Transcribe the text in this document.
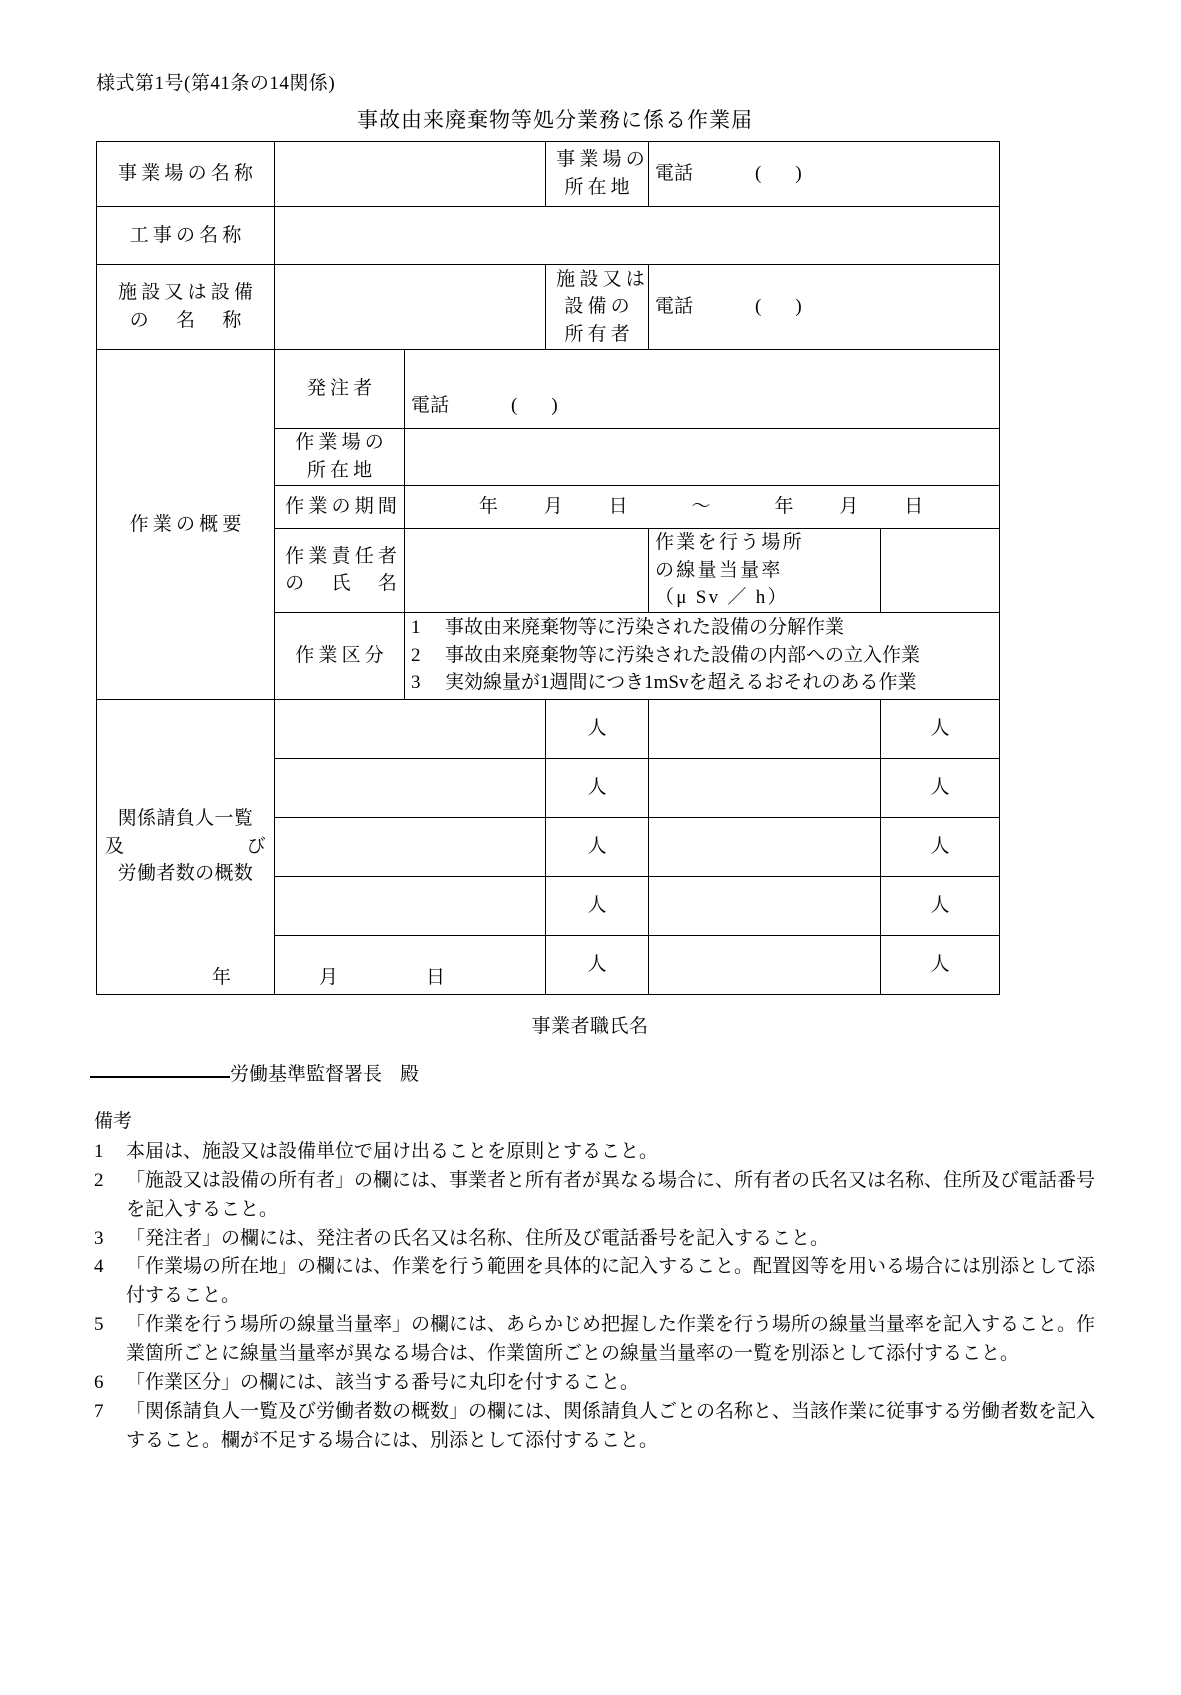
様式第1号(第41条の14関係)
事故由来廃棄物等処分業務に係る作業届
事業場の名称			事業場の
所在地	電話 ( )	

工事の名称					

施設又は設備
の　名　称			施設又は
設備の
所有者	電話 ( )	

作業の概要	発注者	電話 ( )			

	作業場の
所在地				

	作業の期間	年 月 日 〜 年 月 日			

	作業責任者
の　氏　名			作業を行う場所
の線量当量率
（μ Sv ／ h）	

	作業区分	1 事故由来廃棄物等に汚染された設備の分解作業 2 事故由来廃棄物等に汚染された設備の内部への立入作業 3 実効線量が1週間につき1mSvを超えるおそれのある作業			

関係請負人一覧
及 び
労働者数の概数			人		人
			人		人
			人		人
			人		人
			人		人
年	月	日
事業者職氏名
労働基準監督署長 殿
備考
1 本届は、施設又は設備単位で届け出ることを原則とすること。
2 「施設又は設備の所有者」の欄には、事業者と所有者が異なる場合に、所有者の氏名又は名称、住所及び電話番号を記入すること。
3 「発注者」の欄には、発注者の氏名又は名称、住所及び電話番号を記入すること。
4 「作業場の所在地」の欄には、作業を行う範囲を具体的に記入すること。配置図等を用いる場合には別添として添付すること。
5 「作業を行う場所の線量当量率」の欄には、あらかじめ把握した作業を行う場所の線量当量率を記入すること。作業箇所ごとに線量当量率が異なる場合は、作業箇所ごとの線量当量率の一覧を別添として添付すること。
6 「作業区分」の欄には、該当する番号に丸印を付すること。
7 「関係請負人一覧及び労働者数の概数」の欄には、関係請負人ごとの名称と、当該作業に従事する労働者数を記入すること。欄が不足する場合には、別添として添付すること。
